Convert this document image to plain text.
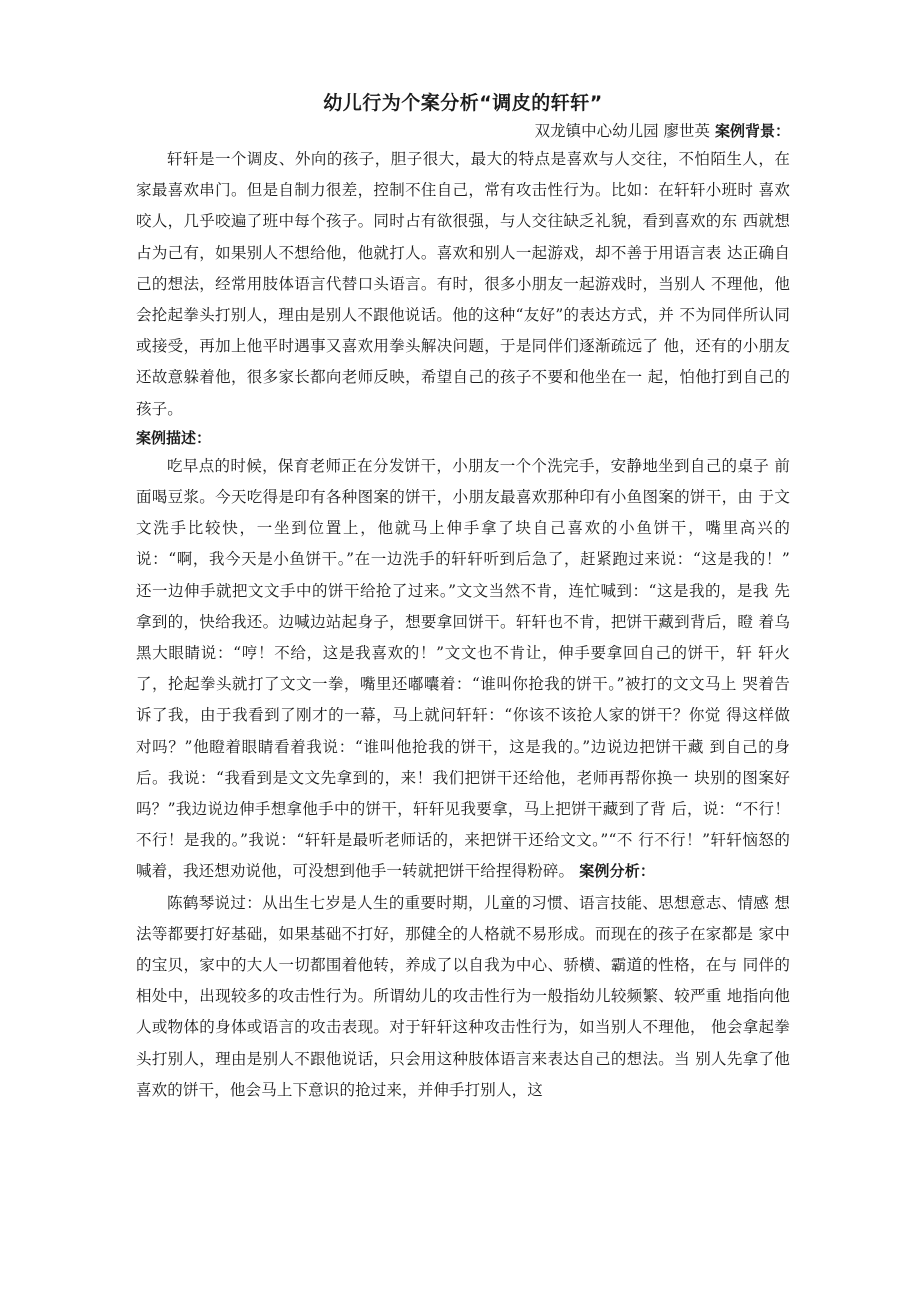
幼儿行为个案分析“调皮的轩轩”

双龙镇中心幼儿园 廖世英 案例背景：

轩轩是一个调皮、外向的孩子，胆子很大，最大的特点是喜欢与人交往，不怕陌生人，在家最喜欢串门。但是自制力很差，控制不住自己，常有攻击性行为。比如：在轩轩小班时 喜欢咬人，几乎咬遍了班中每个孩子。同时占有欲很强，与人交往缺乏礼貌，看到喜欢的东 西就想占为己有，如果别人不想给他，他就打人。喜欢和别人一起游戏，却不善于用语言表 达正确自己的想法，经常用肢体语言代替口头语言。有时，很多小朋友一起游戏时，当别人 不理他，他会抡起拳头打别人，理由是别人不跟他说话。他的这种“友好”的表达方式，并 不为同伴所认同或接受，再加上他平时遇事又喜欢用拳头解决问题，于是同伴们逐渐疏远了 他，还有的小朋友还故意躲着他，很多家长都向老师反映，希望自己的孩子不要和他坐在一 起，怕他打到自己的孩子。

案例描述：

吃早点的时候，保育老师正在分发饼干，小朋友一个个洗完手，安静地坐到自己的桌子 前面喝豆浆。今天吃得是印有各种图案的饼干，小朋友最喜欢那种印有小鱼图案的饼干，由 于文文洗手比较快，一坐到位置上，他就马上伸手拿了块自己喜欢的小鱼饼干，嘴里高兴的 说：“啊，我今天是小鱼饼干。”在一边洗手的轩轩听到后急了，赶紧跑过来说：“这是我的！” 还一边伸手就把文文手中的饼干给抢了过来。”文文当然不肯，连忙喊到：“这是我的，是我 先拿到的，快给我还。边喊边站起身子，想要拿回饼干。轩轩也不肯，把饼干藏到背后，瞪 着乌黑大眼睛说：“哼！不给，这是我喜欢的！”文文也不肯让，伸手要拿回自己的饼干，轩 轩火了，抡起拳头就打了文文一拳，嘴里还嘟囔着：“谁叫你抢我的饼干。”被打的文文马上 哭着告诉了我，由于我看到了刚才的一幕，马上就问轩轩：“你该不该抢人家的饼干？你觉 得这样做对吗？”他瞪着眼睛看着我说：“谁叫他抢我的饼干，这是我的。”边说边把饼干藏 到自己的身后。我说：“我看到是文文先拿到的，来！我们把饼干还给他，老师再帮你换一 块别的图案好吗？”我边说边伸手想拿他手中的饼干，轩轩见我要拿，马上把饼干藏到了背 后，说：“不行！不行！是我的。”我说：“轩轩是最听老师话的，来把饼干还给文文。”“不 行不行！”轩轩恼怒的喊着，我还想劝说他，可没想到他手一转就把饼干给捏得粉碎。 案例分析：

陈鹤琴说过：从出生七岁是人生的重要时期，儿童的习惯、语言技能、思想意志、情感 想法等都要打好基础，如果基础不打好，那健全的人格就不易形成。而现在的孩子在家都是 家中的宝贝，家中的大人一切都围着他转，养成了以自我为中心、骄横、霸道的性格，在与 同伴的相处中，出现较多的攻击性行为。所谓幼儿的攻击性行为一般指幼儿较频繁、较严重 地指向他人或物体的身体或语言的攻击表现。对于轩轩这种攻击性行为，如当别人不理他， 他会拿起拳头打别人，理由是别人不跟他说话，只会用这种肢体语言来表达自己的想法。当 别人先拿了他喜欢的饼干，他会马上下意识的抢过来，并伸手打别人，这
